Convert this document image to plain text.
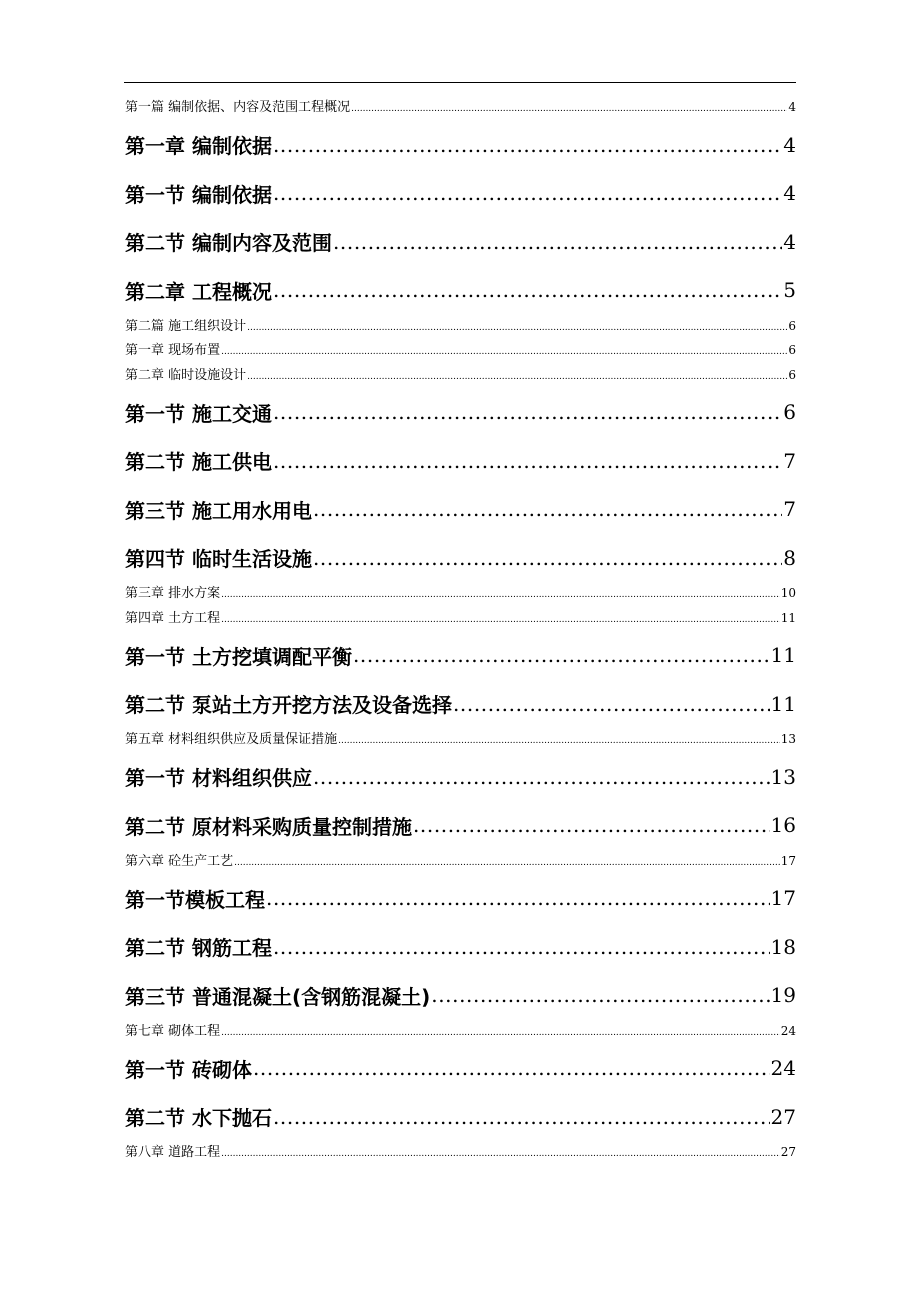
第一篇 编制依据、内容及范围工程概况 .....	4
第一章 编制依据 .....	4
第一节 编制依据 .....	4
第二节 编制内容及范围 .....	4
第二章 工程概况 .....	5
第二篇 施工组织设计 .....	6
第一章 现场布置 .....	6
第二章 临时设施设计 .....	6
第一节 施工交通 .....	6
第二节 施工供电 .....	7
第三节 施工用水用电 .....	7
第四节 临时生活设施 .....	8
第三章 排水方案 .....	10
第四章 土方工程 .....	11
第一节 土方挖填调配平衡 .....	11
第二节 泵站土方开挖方法及设备选择 .....	11
第五章 材料组织供应及质量保证措施 .....	13
第一节 材料组织供应 .....	13
第二节 原材料采购质量控制措施 .....	16
第六章 砼生产工艺 .....	17
第一节模板工程 .....	17
第二节 钢筋工程 .....	18
第三节 普通混凝土(含钢筋混凝土) .....	19
第七章 砌体工程 .....	24
第一节 砖砌体 .....	24
第二节 水下抛石 .....	27
第八章 道路工程 .....	27
